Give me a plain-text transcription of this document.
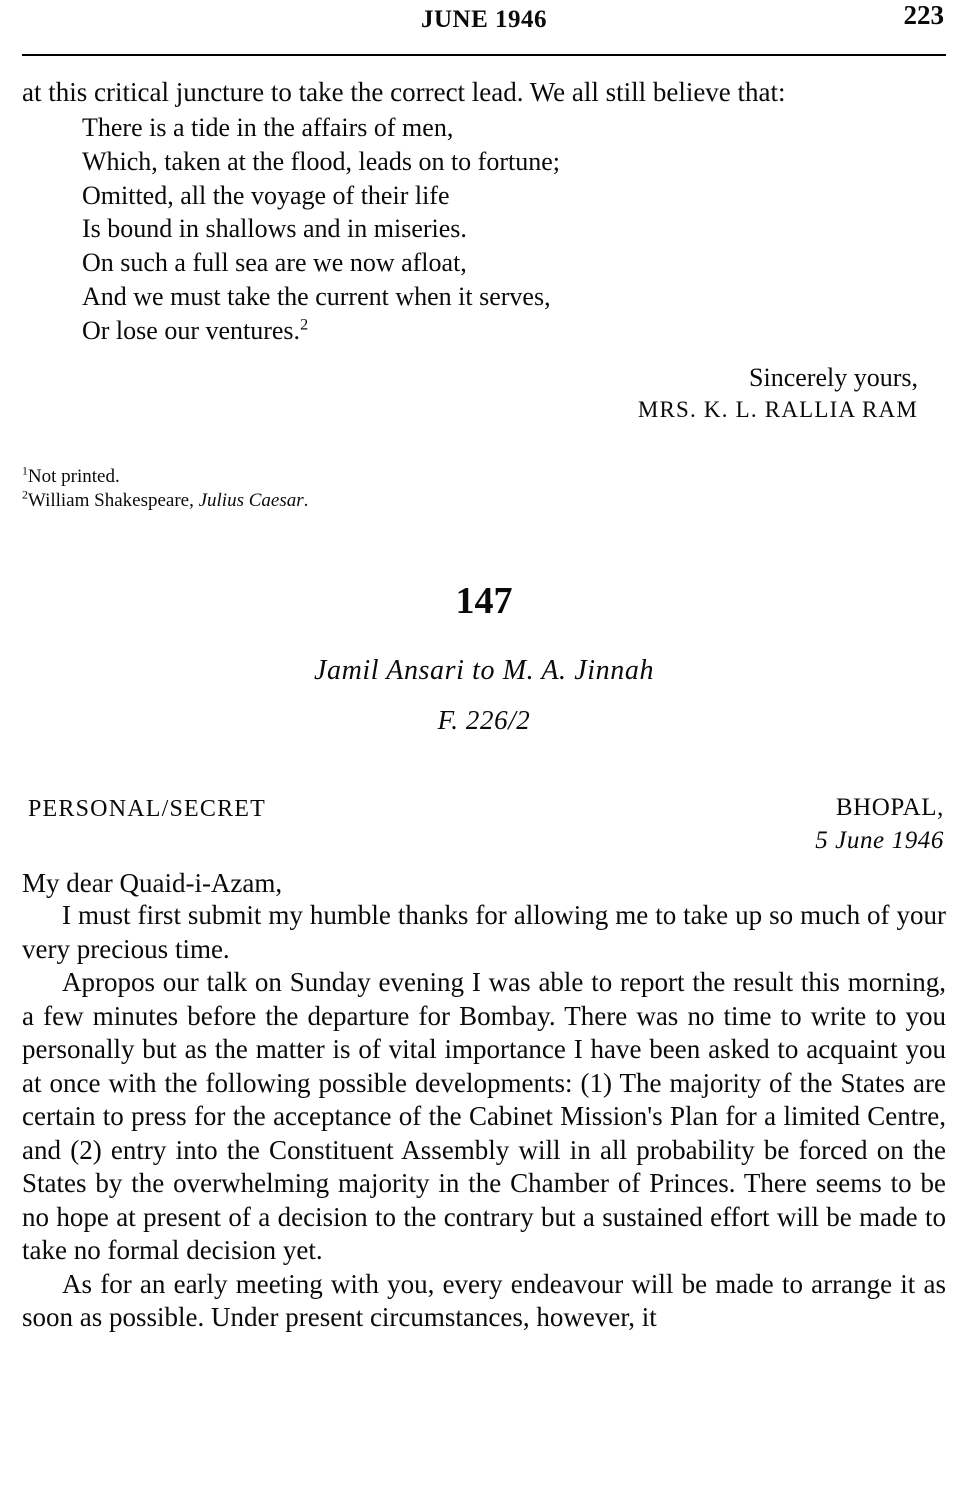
JUNE 1946	223
at this critical juncture to take the correct lead. We all still believe that:
There is a tide in the affairs of men,
Which, taken at the flood, leads on to fortune;
Omitted, all the voyage of their life
Is bound in shallows and in miseries.
On such a full sea are we now afloat,
And we must take the current when it serves,
Or lose our ventures.$^2$
Sincerely yours,
MRS. K. L. RALLIA RAM
$^1$Not printed.
$^2$William Shakespeare, Julius Caesar.
147
Jamil Ansari to M. A. Jinnah
F. 226/2
PERSONAL/SECRET	BHOPAL,
5 June 1946
My dear Quaid-i-Azam,

I must first submit my humble thanks for allowing me to take up so much of your very precious time.

Apropos our talk on Sunday evening I was able to report the result this morning, a few minutes before the departure for Bombay. There was no time to write to you personally but as the matter is of vital importance I have been asked to acquaint you at once with the following possible developments: (1) The majority of the States are certain to press for the acceptance of the Cabinet Mission's Plan for a limited Centre, and (2) entry into the Constituent Assembly will in all probability be forced on the States by the overwhelming majority in the Chamber of Princes. There seems to be no hope at present of a decision to the contrary but a sustained effort will be made to take no formal decision yet.

As for an early meeting with you, every endeavour will be made to arrange it as soon as possible. Under present circumstances, however, it
